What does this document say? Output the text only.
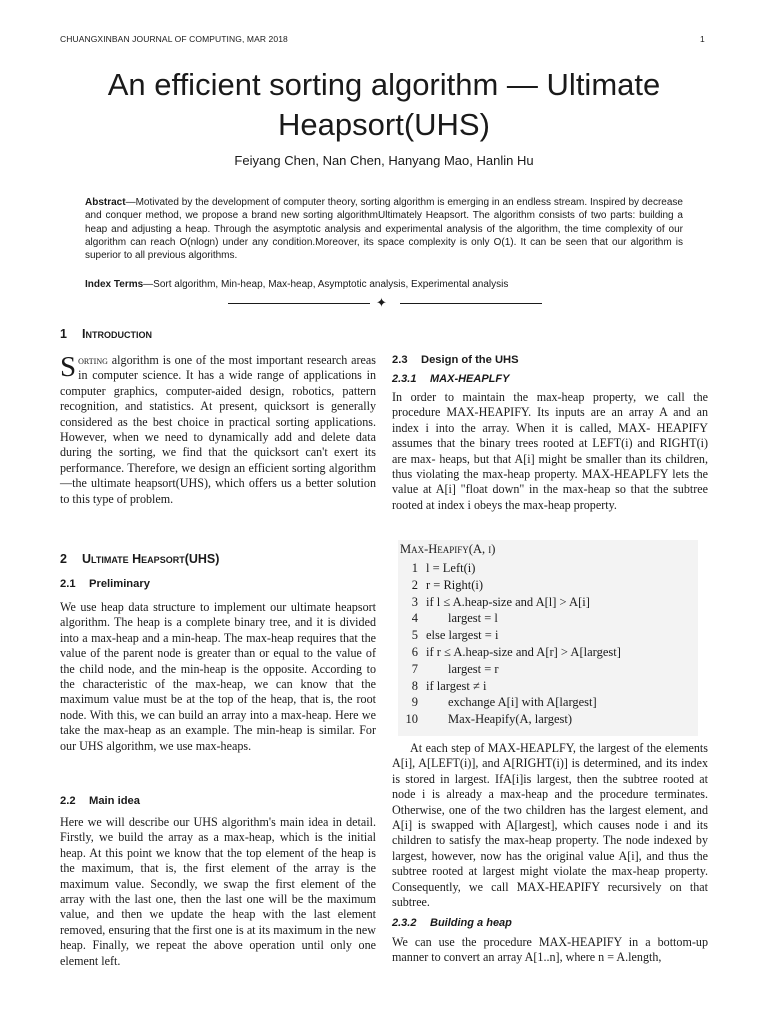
CHUANGXINBAN JOURNAL OF COMPUTING, MAR 2018	1
An efficient sorting algorithm — Ultimate Heapsort(UHS)
Feiyang Chen, Nan Chen, Hanyang Mao, Hanlin Hu

Abstract—Motivated by the development of computer theory, sorting algorithm is emerging in an endless stream. Inspired by decrease and conquer method, we propose a brand new sorting algorithmUltimately Heapsort. The algorithm consists of two parts: building a heap and adjusting a heap. Through the asymptotic analysis and experimental analysis of the algorithm, the time complexity of our algorithm can reach O(nlogn) under any condition.Moreover, its space complexity is only O(1). It can be seen that our algorithm is superior to all previous algorithms.

Index Terms—Sort algorithm, Min-heap, Max-heap, Asymptotic analysis, Experimental analysis

✦
1 Introduction

Sorting algorithm is one of the most important research areas in computer science. It has a wide range of applications in computer graphics, computer-aided design, robotics, pattern recognition, and statistics. At present, quicksort is generally considered as the best choice in practical sorting applications. However, when we need to dynamically add and delete data during the sorting, we find that the quicksort can't exert its performance. Therefore, we design an efficient sorting algorithm—the ultimate heapsort(UHS), which offers us a better solution to this type of problem.

2 Ultimate Heapsort(UHS)
2.1 Preliminary

We use heap data structure to implement our ultimate heapsort algorithm. The heap is a complete binary tree, and it is divided into a max-heap and a min-heap. The max-heap requires that the value of the parent node is greater than or equal to the value of the child node, and the min-heap is the opposite. According to the characteristic of the max-heap, we can know that the maximum value must be at the top of the heap, that is, the root node. With this, we can build an array into a max-heap. Here we take the max-heap as an example. The min-heap is similar. For our UHS algorithm, we use max-heaps.

2.2 Main idea

Here we will describe our UHS algorithm's main idea in detail. Firstly, we build the array as a max-heap, which is the initial heap. At this point we know that the top element of the heap is the maximum, that is, the first element of the array is the maximum value. Secondly, we swap the first element of the array with the last one, then the last one will be the maximum value, and then we update the heap with the last element removed, ensuring that the first one is at its maximum in the new heap. Finally, we repeat the above operation until only one element left.

2.3 Design of the UHS
2.3.1 MAX-HEAPLFY

In order to maintain the max-heap property, we call the procedure MAX-HEAPIFY. Its inputs are an array A and an index i into the array. When it is called, MAX- HEAPIFY assumes that the binary trees rooted at LEFT(i) and RIGHT(i) are max- heaps, but that A[i] might be smaller than its children, thus violating the max-heap property. MAX-HEAPLFY lets the value at A[i] "float down" in the max-heap so that the subtree rooted at index i obeys the max-heap property.

Max-Heapify(A, i)
1 l = Left(i)
2 r = Right(i)
3 if l ≤ A.heap-size and A[l] > A[i]
4 largest = l
5 else largest = i
6 if r ≤ A.heap-size and A[r] > A[largest]
7 largest = r
8 if largest ≠ i
9 exchange A[i] with A[largest]
10 Max-Heapify(A, largest)

At each step of MAX-HEAPLFY, the largest of the elements A[i], A[LEFT(i)], and A[RIGHT(i)] is determined, and its index is stored in largest. IfA[i]is largest, then the subtree rooted at node i is already a max-heap and the procedure terminates. Otherwise, one of the two children has the largest element, and A[i] is swapped with A[largest], which causes node i and its children to satisfy the max-heap property. The node indexed by largest, however, now has the original value A[i], and thus the subtree rooted at largest might violate the max-heap property. Consequently, we call MAX-HEAPIFY recursively on that subtree.

2.3.2 Building a heap

We can use the procedure MAX-HEAPIFY in a bottom-up manner to convert an array A[1..n], where n = A.length,
